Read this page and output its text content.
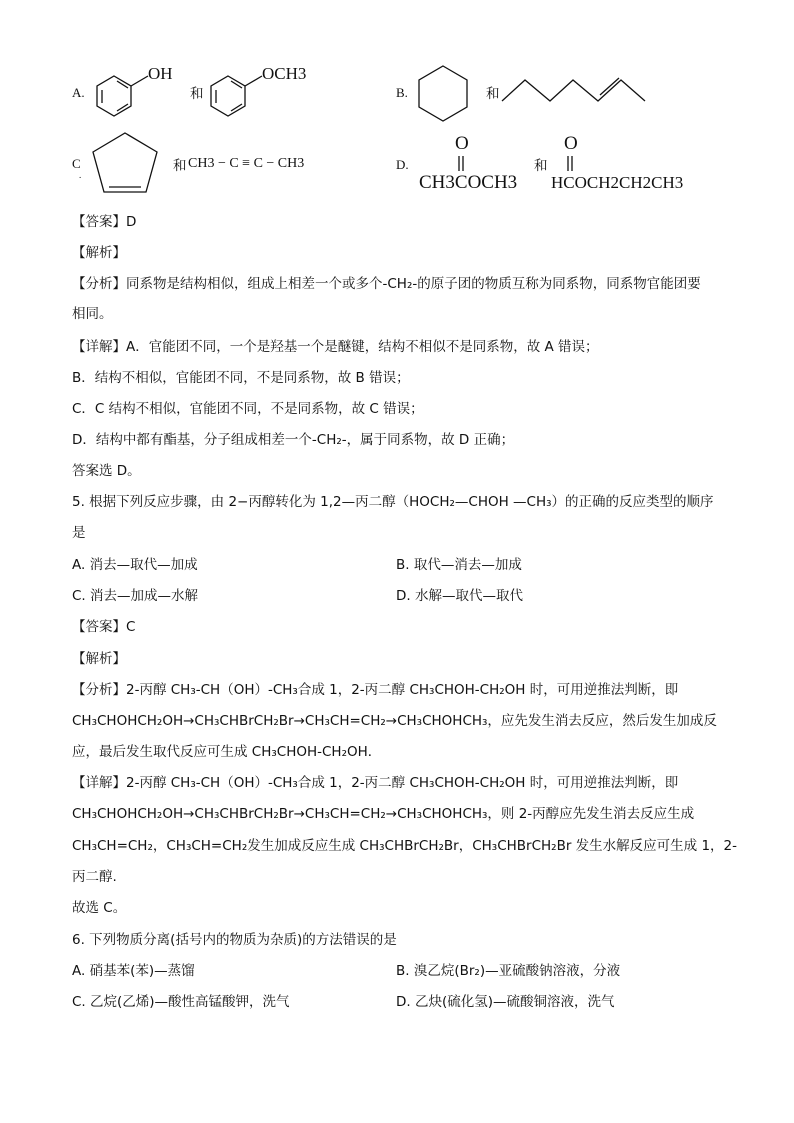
A.
OH
和
OCH3
B.	和
C
.
和 CH3 − C ≡ C − CH3	D.
O
CH3COCH3
和
O
HCOCH2CH2CH3
【答案】D
【解析】
【分析】同系物是结构相似，组成上相差一个或多个-CH₂-的原子团的物质互称为同系物，同系物官能团要
相同。
【详解】A．官能团不同，一个是羟基一个是醚键，结构不相似不是同系物，故 A 错误；
B．结构不相似，官能团不同，不是同系物，故 B 错误；
C．C 结构不相似，官能团不同，不是同系物，故 C 错误；
D．结构中都有酯基，分子组成相差一个-CH₂-，属于同系物，故 D 正确；
答案选 D。
5. 根据下列反应步骤，由 2−丙醇转化为 1,2—丙二醇（HOCH₂—CHOH —CH₃）的正确的反应类型的顺序
是
A. 消去—取代—加成	B. 取代—消去—加成
C. 消去—加成—水解	D. 水解—取代—取代
【答案】C
【解析】
【分析】2-丙醇 CH₃-CH（OH）-CH₃合成 1，2-丙二醇 CH₃CHOH-CH₂OH 时，可用逆推法判断，即
CH₃CHOHCH₂OH→CH₃CHBrCH₂Br→CH₃CH=CH₂→CH₃CHOHCH₃，应先发生消去反应，然后发生加成反
应，最后发生取代反应可生成 CH₃CHOH-CH₂OH．
【详解】2-丙醇 CH₃-CH（OH）-CH₃合成 1，2-丙二醇 CH₃CHOH-CH₂OH 时，可用逆推法判断，即
CH₃CHOHCH₂OH→CH₃CHBrCH₂Br→CH₃CH=CH₂→CH₃CHOHCH₃，则 2-丙醇应先发生消去反应生成
CH₃CH=CH₂，CH₃CH=CH₂发生加成反应生成 CH₃CHBrCH₂Br，CH₃CHBrCH₂Br 发生水解反应可生成 1，2-
丙二醇.
故选 C。
6. 下列物质分离(括号内的物质为杂质)的方法错误的是
A. 硝基苯(苯)—蒸馏	B. 溴乙烷(Br₂)—亚硫酸钠溶液，分液
C. 乙烷(乙烯)—酸性高锰酸钾，洗气	D. 乙炔(硫化氢)—硫酸铜溶液，洗气
